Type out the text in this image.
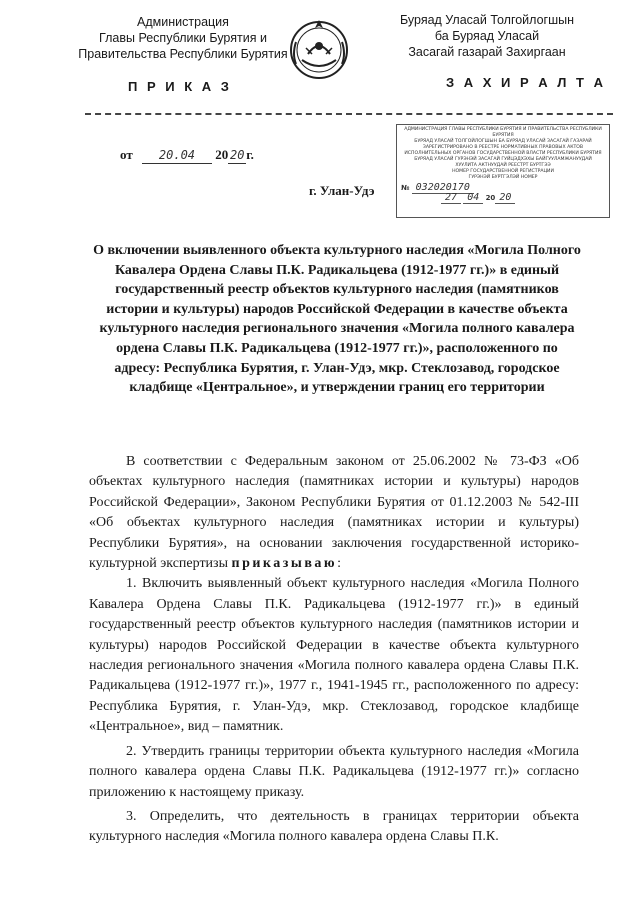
Администрация
Главы Республики Бурятия и
Правительства Республики Бурятия
Буряад Уласай Толгойлогшын
ба Буряад Уласай
Засагай газарай Захиргаан
П Р И К А З	З А Х И Р А Л Т А
от 20.04 20 20 г.
г. Улан-Удэ

АДМИНИСТРАЦИЯ ГЛАВЫ РЕСПУБЛИКИ БУРЯТИЯ И ПРАВИТЕЛЬСТВА РЕСПУБЛИКИ БУРЯТИЯ

БУРЯАД УЛАСАЙ ТОЛГОЙЛОГШЫН БА БУРЯАД УЛАСАЙ ЗАСАГАЙ ГАЗАРАЙ

ЗАРЕГИСТРИРОВАНО В РЕЕСТРЕ НОРМАТИВНЫХ ПРАВОВЫХ АКТОВ

ИСПОЛНИТЕЛЬНЫХ ОРГАНОВ ГОСУДАРСТВЕННОЙ ВЛАСТИ РЕСПУБЛИКИ БУРЯТИЯ

БУРЯАД УЛАСАЙ ГУРЭНЭЙ ЗАСАГАЙ ГУЙЦЭДХЭХЫ БАЙГУУЛАМЖАНУУДАЙ

ХУУЛИТА АКТНУУДАЙ РЕЕСТРТ БУРТГЭЭ

НОМЕР ГОСУДАРСТВЕННОЙ РЕГИСТРАЦИИ

ГУРЭНЭЙ БУРТГЭЛЭЙ НОМЕР

№ 032020170

27 04 20 20

О включении выявленного объекта культурного наследия «Могила Полного Кавалера Ордена Славы П.К. Радикальцева (1912-1977 гг.)» в единый государственный реестр объектов культурного наследия (памятников истории и культуры) народов Российской Федерации в качестве объекта культурного наследия регионального значения «Могила полного кавалера ордена Славы П.К. Радикальцева (1912-1977 гг.)», расположенного по адресу: Республика Бурятия, г. Улан-Удэ, мкр. Стеклозавод, городское кладбище «Центральное», и утверждении границ его территории

В соответствии с Федеральным законом от 25.06.2002 № 73-ФЗ «Об объектах культурного наследия (памятниках истории и культуры) народов Российской Федерации», Законом Республики Бурятия от 01.12.2003 № 542-III «Об объектах культурного наследия (памятниках истории и культуры) Республики Бурятия», на основании заключения государственной историко-культурной экспертизы приказываю:

1. Включить выявленный объект культурного наследия «Могила Полного Кавалера Ордена Славы П.К. Радикальцева (1912-1977 гг.)» в единый государственный реестр объектов культурного наследия (памятников истории и культуры) народов Российской Федерации в качестве объекта культурного наследия регионального значения «Могила полного кавалера ордена Славы П.К. Радикальцева (1912-1977 гг.)», 1977 г., 1941-1945 гг., расположенного по адресу: Республика Бурятия, г. Улан-Удэ, мкр. Стеклозавод, городское кладбище «Центральное», вид – памятник.

2. Утвердить границы территории объекта культурного наследия «Могила полного кавалера ордена Славы П.К. Радикальцева (1912-1977 гг.)» согласно приложению к настоящему приказу.

3. Определить, что деятельность в границах территории объекта культурного наследия «Могила полного кавалера ордена Славы П.К.
